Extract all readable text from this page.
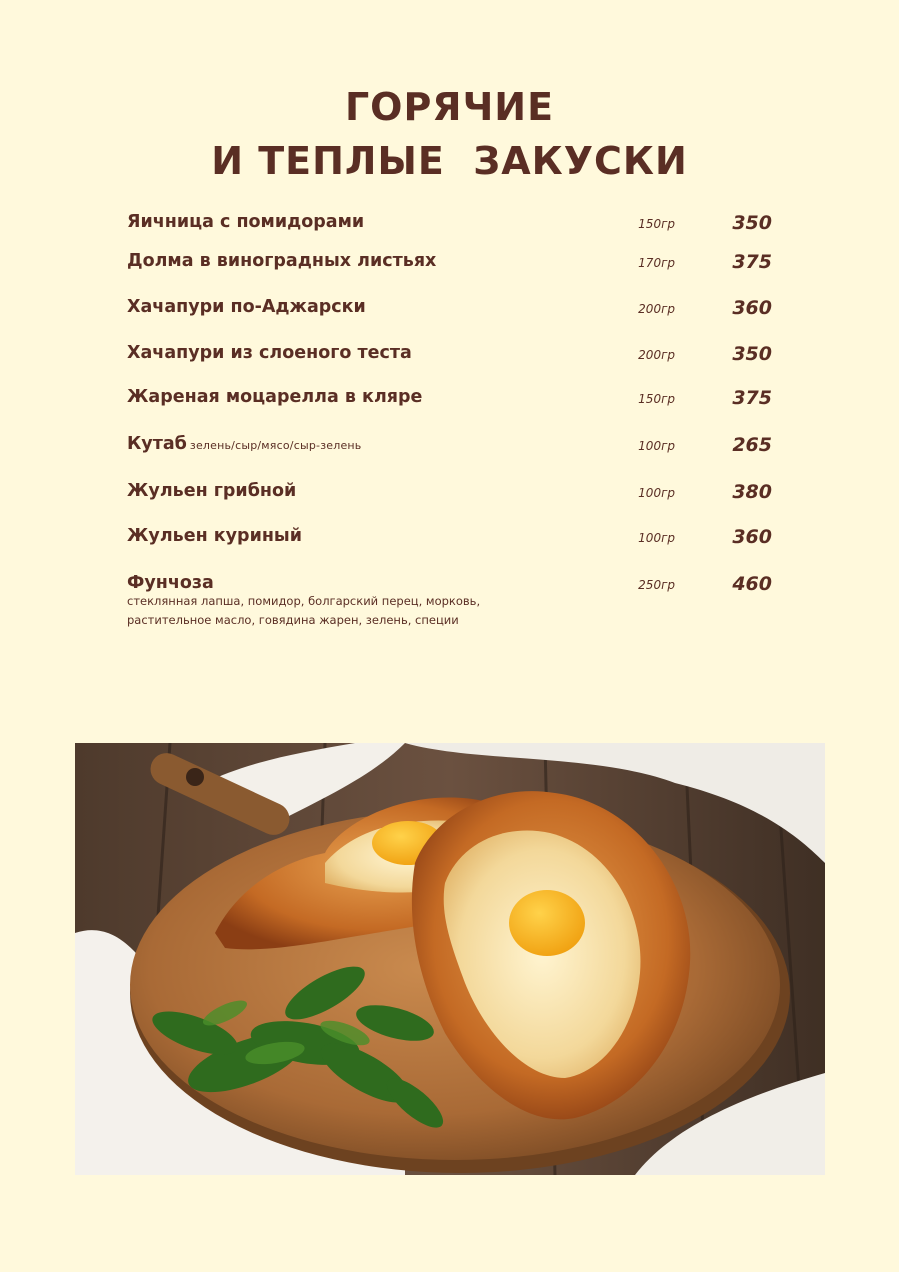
ГОРЯЧИЕ
И ТЕПЛЫЕ  ЗАКУСКИ
Яичница с помидорами	150гр	350
Долма в виноградных листьях	170гр	375
Хачапури по-Аджарски	200гр	360
Хачапури из слоеного теста	200гр	350
Жареная моцарелла в кляре	150гр	375
Кутаб зелень/сыр/мясо/сыр-зелень	100гр	265
Жульен грибной	100гр	380
Жульен куриный	100гр	360
Фунчоза	250гр	460
стеклянная лапша, помидор, болгарский перец, морковь,
растительное масло, говядина жарен, зелень, специи
